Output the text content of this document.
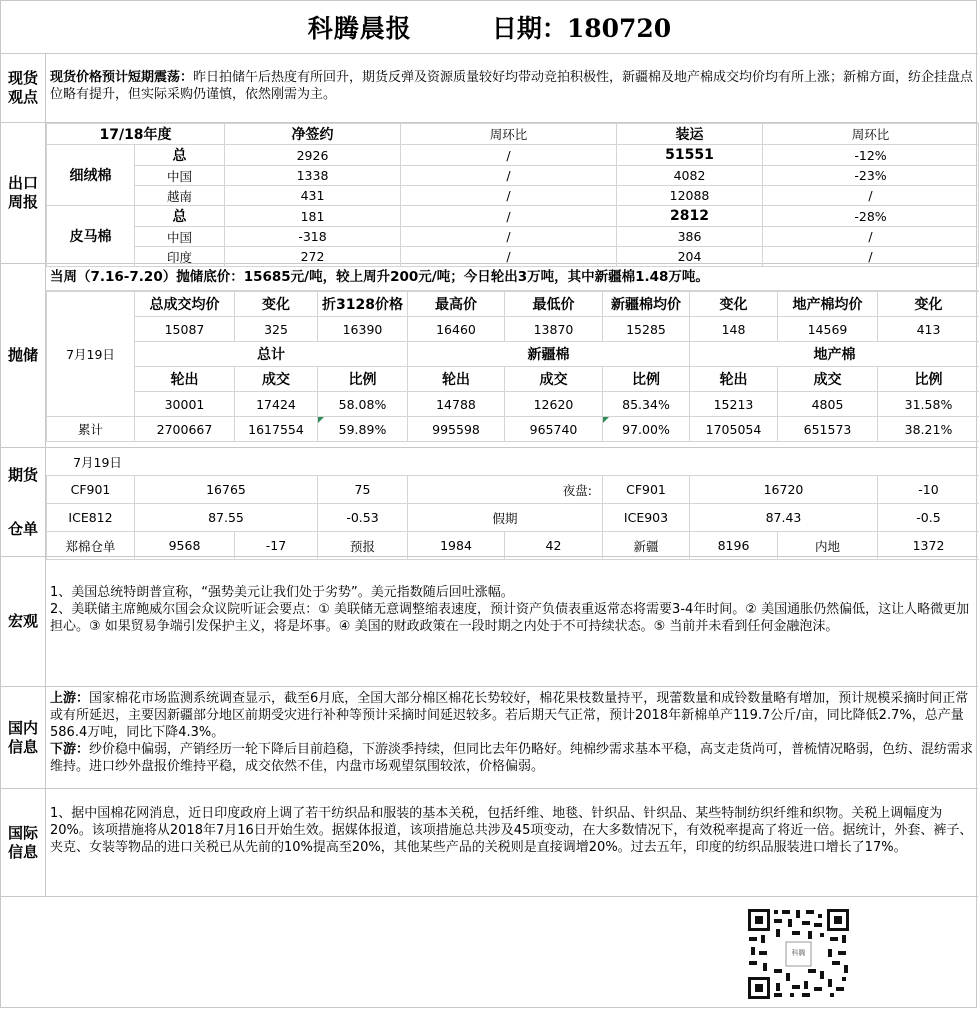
科腾晨报	日期：180720
现货观点
现货价格预计短期震荡：昨日拍储午后热度有所回升，期货反弹及资源质量较好均带动竞拍积极性，新疆棉及地产棉成交均价均有所上涨；新棉方面，纺企挂盘点位略有提升，但实际采购仍谨慎，依然刚需为主。
出口周报
17/18年度		净签约	周环比	装运	周环比
细绒棉	总	2926	/	51551	-12%
	中国	1338	/	4082	-23%
	越南	431	/	12088	/
皮马棉	总	181	/	2812	-28%
	中国	-318	/	386	/
	印度	272	/	204	/
抛储
当周（7.16-7.20）抛储底价：15685元/吨，较上周升200元/吨；今日轮出3万吨，其中新疆棉1.48万吨。
7月19日	总成交均价	变化	折3128价格	最高价	最低价	新疆棉均价	变化	地产棉均价	变化
	15087	325	16390	16460	13870	15285	148	14569	413
	总计			新疆棉			地产棉		
	轮出	成交	比例	轮出	成交	比例	轮出	成交	比例
	30001	17424	58.08%	14788	12620	85.34%	15213	4805	31.58%
累计	2700667	1617554	59.89%	995598	965740	97.00%	1705054	651573	38.21%
期货
仓单
7月19日									
CF901	16765		75	夜盘:		CF901	16720		-10
ICE812	87.55		-0.53	假期		ICE903	87.43		-0.5
郑棉仓单	9568	-17	预报	1984	42	新疆	8196	内地	1372
宏观
1、美国总统特朗普宣称，“强势美元让我们处于劣势”。美元指数随后回吐涨幅。
2、美联储主席鲍威尔国会众议院听证会要点：① 美联储无意调整缩表速度，预计资产负债表重返常态将需要3-4年时间。② 美国通胀仍然偏低，这让人略微更加担心。③ 如果贸易争端引发保护主义，将是坏事。④ 美国的财政政策在一段时期之内处于不可持续状态。⑤ 当前并未看到任何金融泡沫。
国内信息
上游：国家棉花市场监测系统调查显示，截至6月底，全国大部分棉区棉花长势较好，棉花果枝数量持平，现蕾数量和成铃数量略有增加，预计规模采摘时间正常或有所延迟，主要因新疆部分地区前期受灾进行补种等预计采摘时间延迟较多。若后期天气正常，预计2018年新棉单产119.7公斤/亩，同比降低2.7%，总产量586.4万吨，同比下降4.3%。
下游：纱价稳中偏弱，产销经历一轮下降后目前趋稳，下游淡季持续，但同比去年仍略好。纯棉纱需求基本平稳，高支走货尚可，普梳情况略弱，色纺、混纺需求维持。进口纱外盘报价维持平稳，成交依然不佳，内盘市场观望氛围较浓，价格偏弱。
国际信息
1、据中国棉花网消息，近日印度政府上调了若干纺织品和服装的基本关税，包括纤维、地毯、针织品、针织品、某些特制纺织纤维和织物。关税上调幅度为20%。该项措施将从2018年7月16日开始生效。据媒体报道，该项措施总共涉及45项变动，在大多数情况下，有效税率提高了将近一倍。据统计，外套、裤子、夹克、女装等物品的进口关税已从先前的10%提高至20%，其他某些产品的关税则是直接调增20%。过去五年，印度的纺织品服装进口增长了17%。
科腾
